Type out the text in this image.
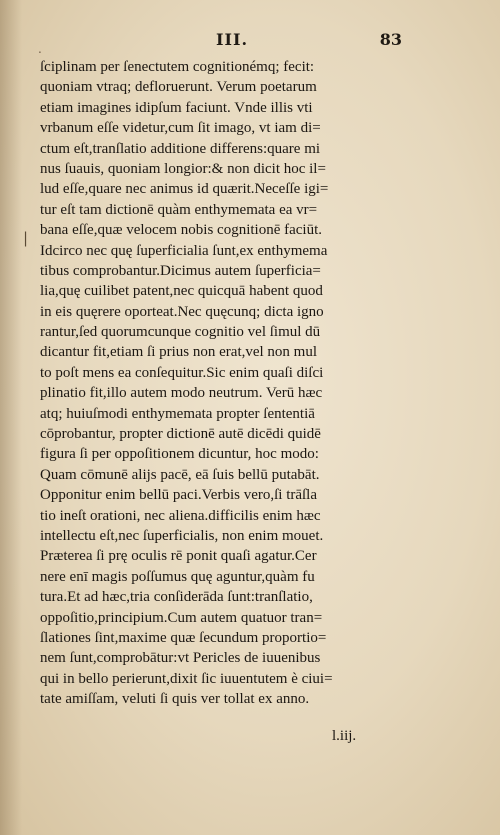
.	III.	83
|
ſciplinam per ſenectutem cognitionémq; fecit:
quoniam vtraq; defloruerunt. Verum poetarum
etiam imagines idipſum faciunt. Vnde illis vti
vrbanum eſſe videtur,cum ſit imago, vt iam di=
ctum eſt,tranſlatio additione differens:quare mi
nus ſuauis, quoniam longior:& non dicit hoc il=
lud eſſe,quare nec animus id quærit.Neceſſe igi=
tur eſt tam dictionē quàm enthymemata ea vr=
bana eſſe,quæ velocem nobis cognitionē faciūt.
Idcirco nec quę ſuperficialia ſunt,ex enthymema
tibus comprobantur.Dicimus autem ſuperficia=
lia,quę cuilibet patent,nec quicquā habent quod
in eis quęrere oporteat.Nec quęcunq; dicta igno
rantur,ſed quorumcunque cognitio vel ſimul dū
dicantur fit,etiam ſi prius non erat,vel non mul
to poſt mens ea conſequitur.Sic enim quaſi diſci
plinatio fit,illo autem modo neutrum. Verū hæc
atq; huiuſmodi enthymemata propter ſententiā
cōprobantur, propter dictionē autē dicēdi quidē
figura ſi per oppoſitionem dicuntur, hoc modo:
Quam cōmunē alijs pacē, eā ſuis bellū putabāt.
Opponitur enim bellū paci.Verbis vero,ſi trāſla
tio ineſt orationi, nec aliena.difficilis enim hæc
intellectu eſt,nec ſuperficialis, non enim mouet.
Præterea ſi prę oculis rē ponit quaſi agatur.Cer
nere enī magis poſſumus quę aguntur,quàm fu
tura.Et ad hæc,tria conſiderāda ſunt:tranſlatio,
oppoſitio,principium.Cum autem quatuor tran=
ſlationes ſint,maxime quæ ſecundum proportio=
nem ſunt,comprobātur:vt Pericles de iuuenibus
qui in bello perierunt,dixit ſic iuuentutem è ciui=
tate amiſſam, veluti ſi quis ver tollat ex anno.
l.iij.
